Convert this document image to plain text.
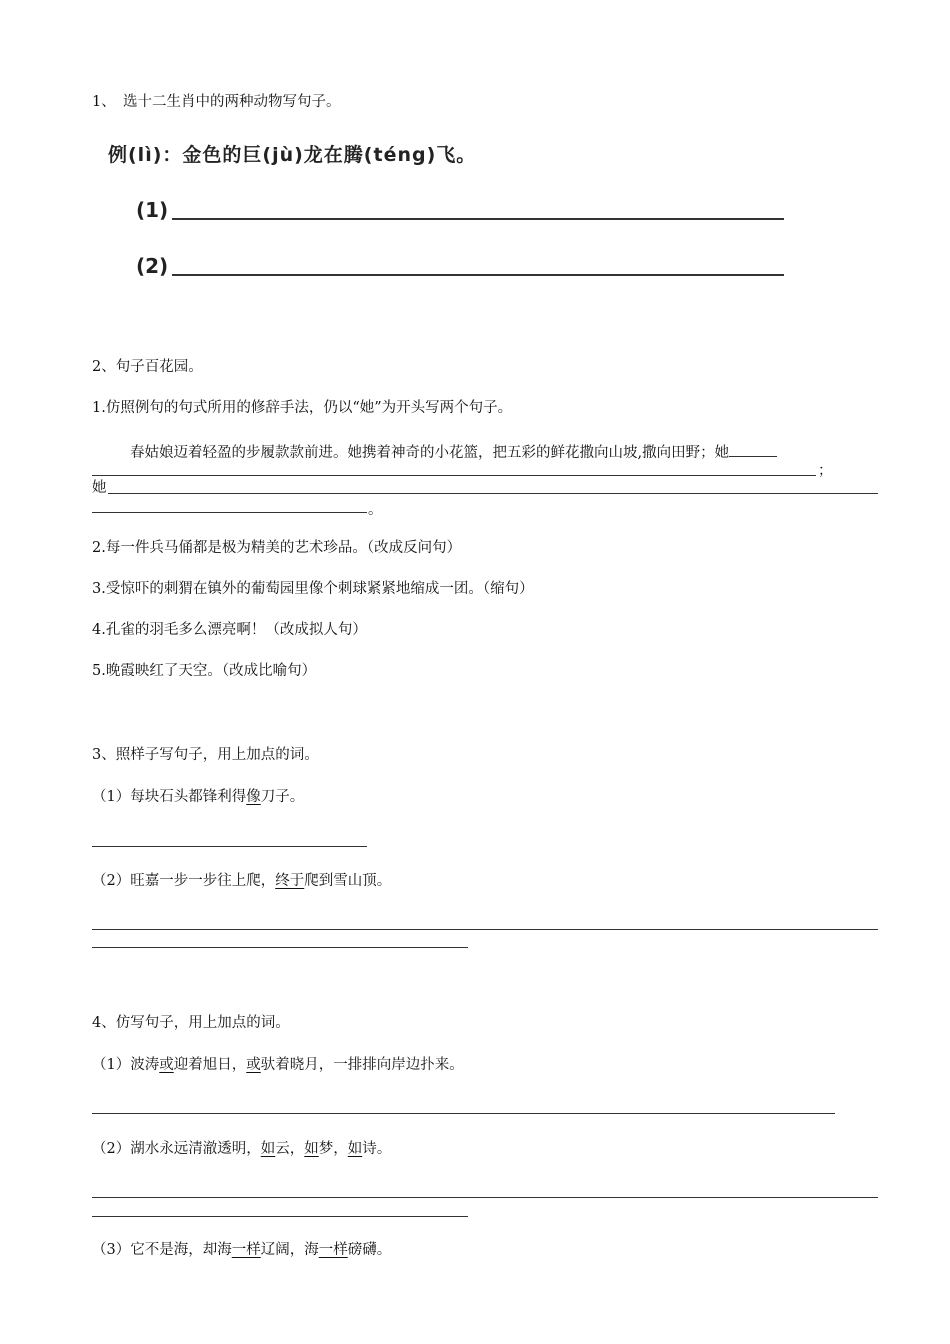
1、　选十二生肖中的两种动物写句子。
例(lì)：金色的巨(jù)龙在腾(téng)飞。
(1)
(2)
2、句子百花园。
1.仿照例句的句式所用的修辞手法，仍以“她”为开头写两个句子。
春姑娘迈着轻盈的步履款款前进。她携着神奇的小花篮，把五彩的鲜花撒向山坡,撒向田野；她
；
她
。
2.每一件兵马俑都是极为精美的艺术珍品。（改成反问句）
3.受惊吓的刺猬在镇外的葡萄园里像个刺球紧紧地缩成一团。（缩句）
4.孔雀的羽毛多么漂亮啊！（改成拟人句）
5.晚霞映红了天空。（改成比喻句）
3、照样子写句子，用上加点的词。
（1）每块石头都锋利得像刀子。
（2）旺嘉一步一步往上爬，终于爬到雪山顶。
4、仿写句子，用上加点的词。
（1）波涛或迎着旭日，或驮着晓月，一排排向岸边扑来。
（2）湖水永远清澈透明，如云，如梦，如诗。
（3）它不是海，却海一样辽阔，海一样磅礴。
